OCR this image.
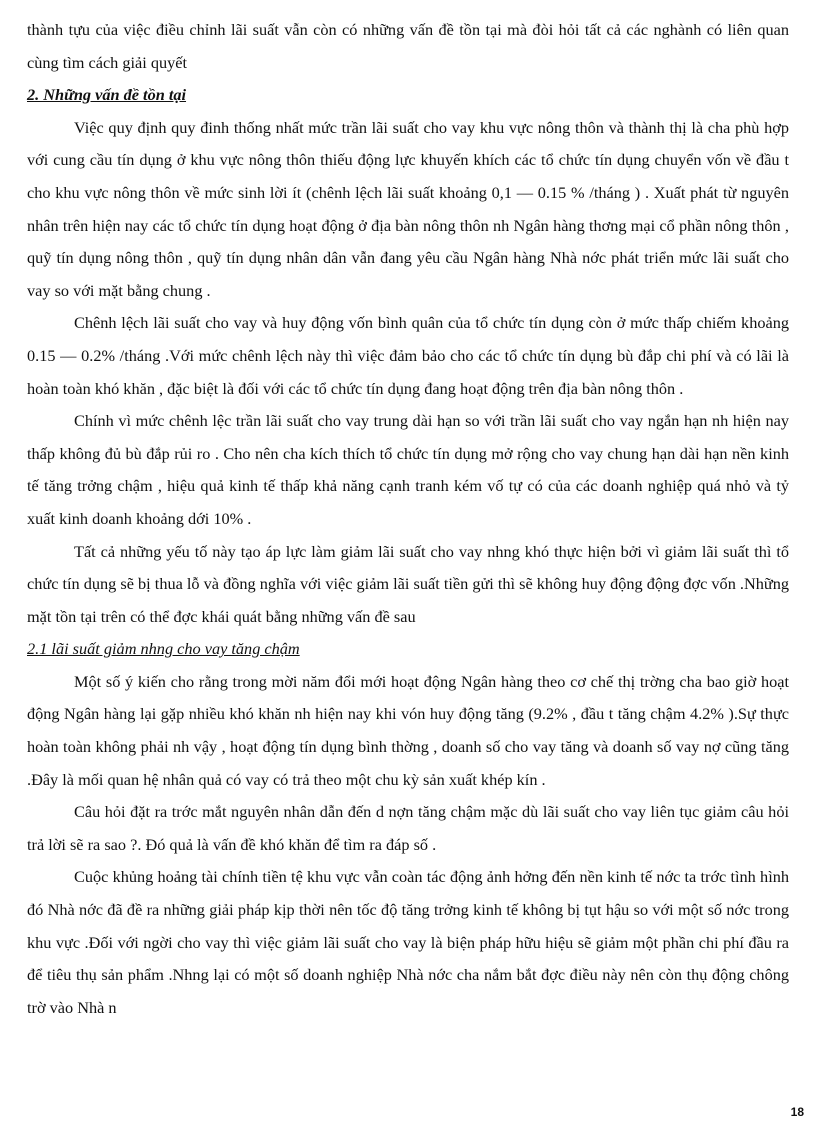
thành tựu của việc điều chỉnh lãi suất vẫn còn có những vấn đề tồn tại mà đòi hỏi tất cả các nghành có liên quan cùng tìm cách giải quyết

2. Những vấn đề tồn tại

Việc quy định quy đinh thống nhất mức trần lãi suất cho vay khu vực nông thôn và thành thị là cha phù hợp với cung cầu tín dụng ở khu vực nông thôn thiếu động lực khuyến khích các tổ chức tín dụng chuyển vốn về đầu t cho khu vực nông thôn về mức sinh lời ít (chênh lệch lãi suất khoảng 0,1 — 0.15 % /tháng ) . Xuất phát từ nguyên nhân trên hiện nay các tổ chức tín dụng hoạt động ở địa bàn nông thôn nh Ngân hàng thơng mại cổ phần nông thôn , quỹ tín dụng nông thôn , quỹ tín dụng nhân dân vẫn đang yêu cầu Ngân hàng Nhà nớc phát triển mức lãi suất cho vay so với mặt bằng chung .

Chênh lệch lãi suất cho vay và huy động vốn bình quân của tổ chức tín dụng còn ở mức thấp chiếm khoảng 0.15 — 0.2% /tháng .Với mức chênh lệch này thì việc đảm bảo cho các tổ chức tín dụng bù đắp chi phí và có lãi là hoàn toàn khó khăn , đặc biệt là đối với các tổ chức tín dụng đang hoạt động trên địa bàn nông thôn .

Chính vì mức chênh lệc trần lãi suất cho vay trung dài hạn so với trần lãi suất cho vay ngắn hạn nh hiện nay thấp không đủ bù đắp rủi ro . Cho nên cha kích thích tổ chức tín dụng mở rộng cho vay chung hạn dài hạn nền kinh tế tăng trởng chậm , hiệu quả kinh tế thấp khả năng cạnh tranh kém vố tự có của các doanh nghiệp quá nhỏ và tỷ xuất kinh doanh khoảng dới 10% .

Tất cả những yếu tố này tạo áp lực làm giảm lãi suất cho vay nhng khó thực hiện bởi vì giảm lãi suất thì tổ chức tín dụng sẽ bị thua lỗ và đồng nghĩa với việc giảm lãi suất tiền gửi thì sẽ không huy động động đợc vốn .Những mặt tồn tại trên có thể đợc khái quát bằng những vấn đề sau

2.1 lãi suất giảm nhng cho vay tăng chậm

Một số ý kiến cho rằng trong mời năm đổi mới hoạt động Ngân hàng theo cơ chế thị trờng cha bao giờ hoạt động Ngân hàng lại gặp nhiều khó khăn nh hiện nay khi vón huy động tăng (9.2% , đầu t tăng chậm 4.2% ).Sự thực hoàn toàn không phải nh vậy , hoạt động tín dụng bình thờng , doanh số cho vay tăng và doanh số vay nợ cũng tăng .Đây là mối quan hệ nhân quả có vay có trả theo một chu kỳ sản xuất khép kín .

Câu hỏi đặt ra trớc mắt nguyên nhân dẫn đến d nợn tăng chậm mặc dù lãi suất cho vay liên tục giảm câu hỏi trả lời sẽ ra sao ?. Đó quả là vấn đề khó khăn để tìm ra đáp số .

Cuộc khủng hoảng tài chính tiền tệ khu vực vẫn coàn tác động ảnh hởng đến nền kinh tế nớc ta trớc tình hình đó Nhà nớc đã đề ra những giải pháp kịp thời nên tốc độ tăng trởng kinh tế không bị tụt hậu so với một số nớc trong khu vực .Đối với ngời cho vay thì việc giảm lãi suất cho vay là biện pháp hữu hiệu sẽ giảm một phần chi phí đầu ra để tiêu thụ sản phẩm .Nhng lại có một số doanh nghiệp Nhà nớc cha nắm bắt đợc điều này nên còn thụ động chông trờ vào Nhà n

18
